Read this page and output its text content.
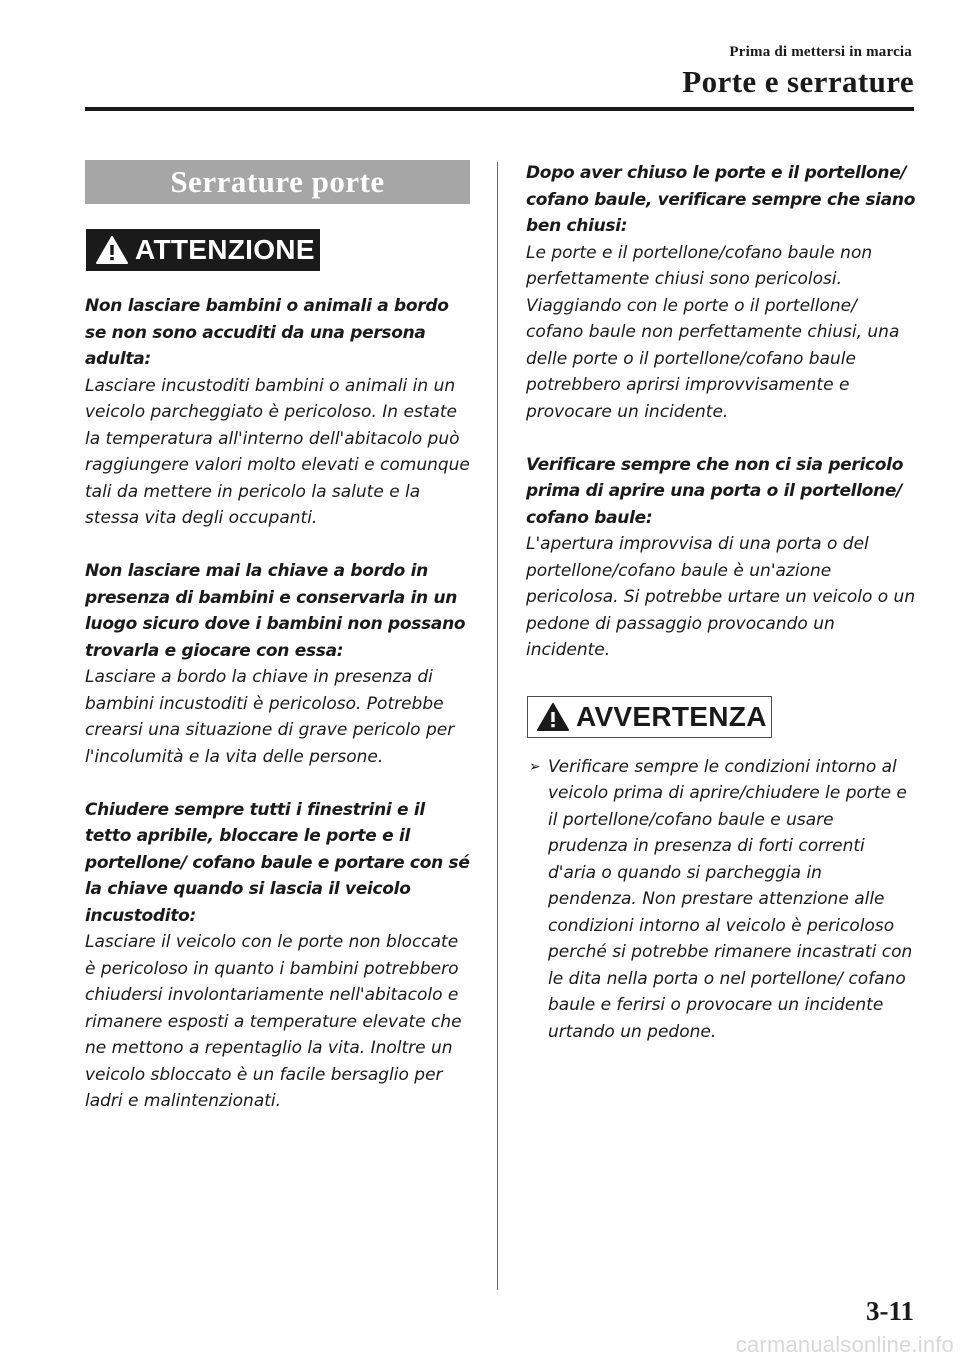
Prima di mettersi in marcia
Porte e serrature
Serrature porte
ATTENZIONE

Non lasciare bambini o animali a bordo se non sono accuditi da una persona adulta:
Lasciare incustoditi bambini o animali in un veicolo parcheggiato è pericoloso. In estate la temperatura all'interno dell'abitacolo può raggiungere valori molto elevati e comunque tali da mettere in pericolo la salute e la stessa vita degli occupanti.

Non lasciare mai la chiave a bordo in presenza di bambini e conservarla in un luogo sicuro dove i bambini non possano trovarla e giocare con essa:
Lasciare a bordo la chiave in presenza di bambini incustoditi è pericoloso. Potrebbe crearsi una situazione di grave pericolo per l'incolumità e la vita delle persone.

Chiudere sempre tutti i finestrini e il tetto apribile, bloccare le porte e il portellone/ cofano baule e portare con sé la chiave quando si lascia il veicolo incustodito:
Lasciare il veicolo con le porte non bloccate è pericoloso in quanto i bambini potrebbero chiudersi involontariamente nell'abitacolo e rimanere esposti a temperature elevate che ne mettono a repentaglio la vita. Inoltre un veicolo sbloccato è un facile bersaglio per ladri e malintenzionati.

Dopo aver chiuso le porte e il portellone/ cofano baule, verificare sempre che siano ben chiusi:
Le porte e il portellone/cofano baule non perfettamente chiusi sono pericolosi. Viaggiando con le porte o il portellone/ cofano baule non perfettamente chiusi, una delle porte o il portellone/cofano baule potrebbero aprirsi improvvisamente e provocare un incidente.

Verificare sempre che non ci sia pericolo prima di aprire una porta o il portellone/ cofano baule:
L'apertura improvvisa di una porta o del portellone/cofano baule è un'azione pericolosa. Si potrebbe urtare un veicolo o un pedone di passaggio provocando un incidente.

AVVERTENZA
➢ Verificare sempre le condizioni intorno al veicolo prima di aprire/chiudere le porte e il portellone/cofano baule e usare prudenza in presenza di forti correnti d'aria o quando si parcheggia in pendenza. Non prestare attenzione alle condizioni intorno al veicolo è pericoloso perché si potrebbe rimanere incastrati con le dita nella porta o nel portellone/ cofano baule e ferirsi o provocare un incidente urtando un pedone.
3-11
carmanualsonline.info
